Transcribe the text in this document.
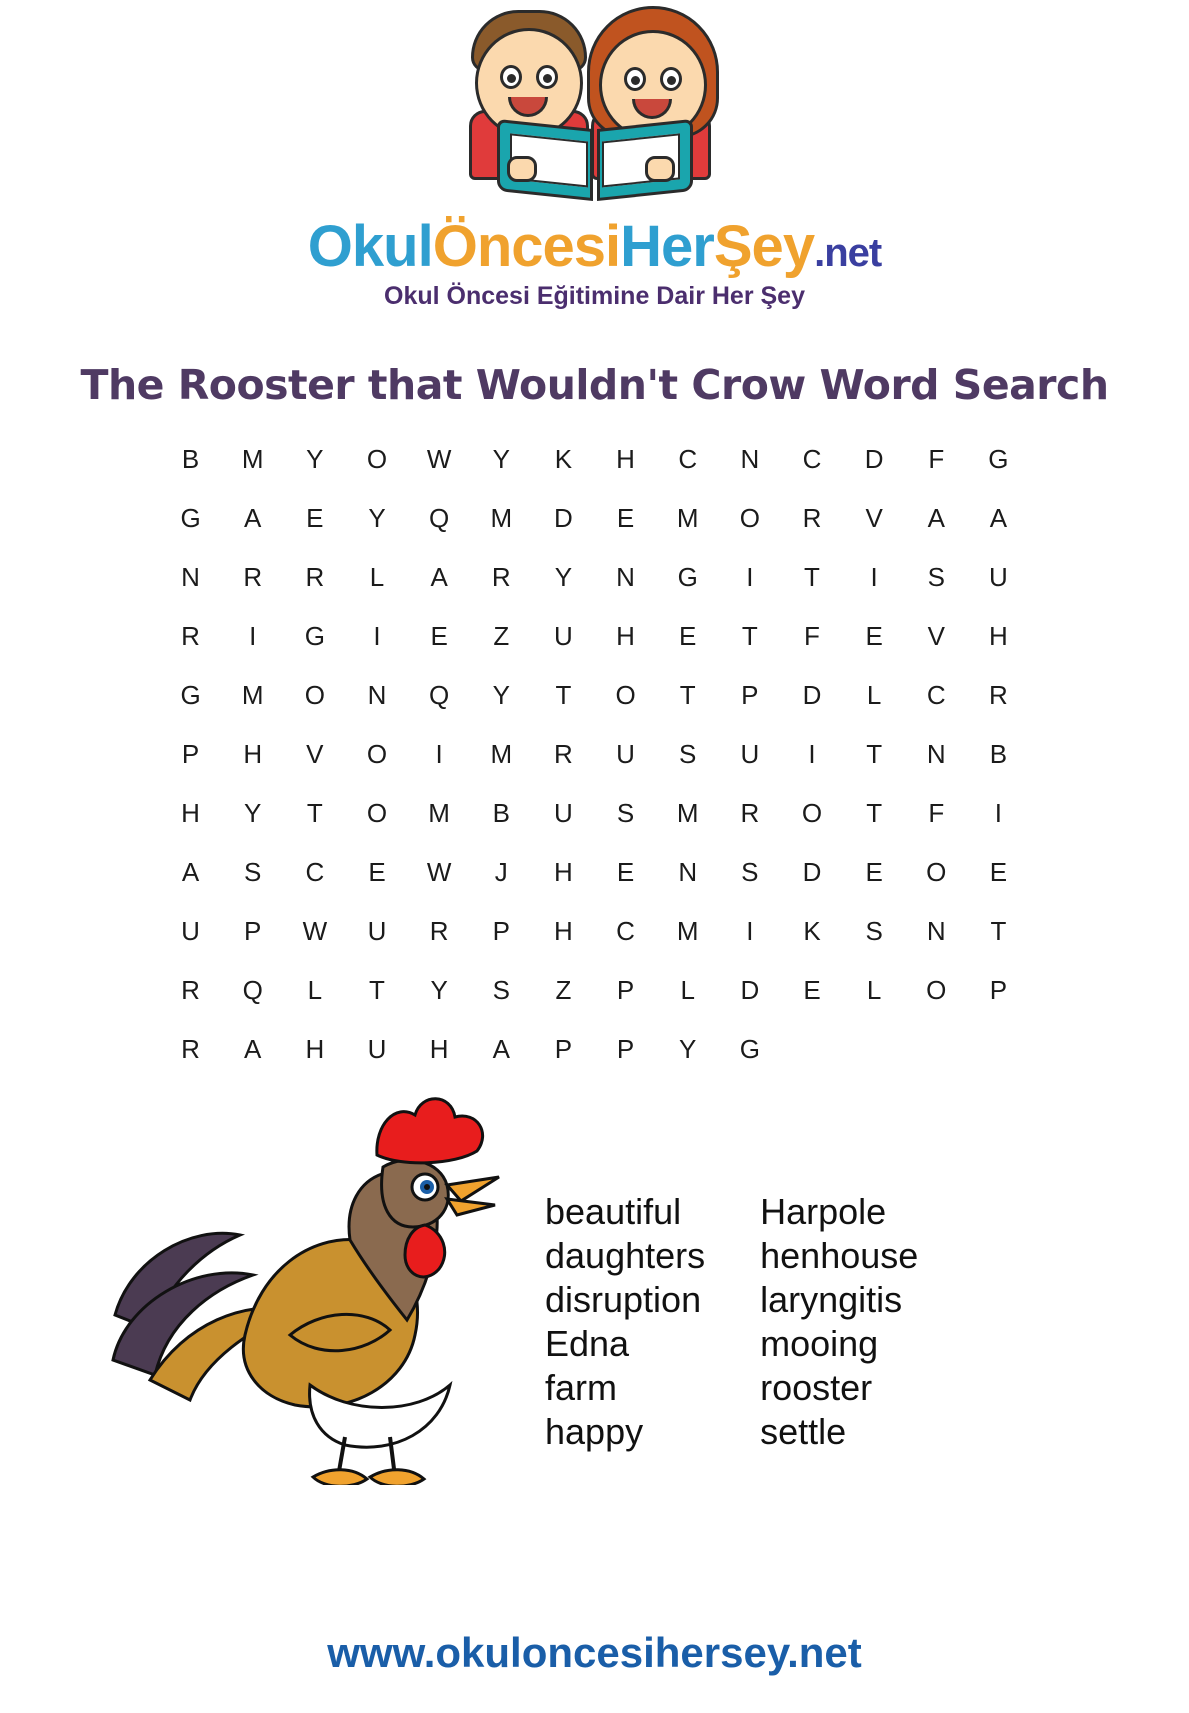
OkulÖncesiHerŞey.net
Okul Öncesi Eğitimine Dair Her Şey
The Rooster that Wouldn't Crow Word Search
B	M	Y	O	W	Y	K	H	C	N	C	D	F	G
G	A	E	Y	Q	M	D	E	M	O	R	V	A	A
N	R	R	L	A	R	Y	N	G	I	T	I	S	U
R	I	G	I	E	Z	U	H	E	T	F	E	V	H
G	M	O	N	Q	Y	T	O	T	P	D	L	C	R
P	H	V	O	I	M	R	U	S	U	I	T	N	B
H	Y	T	O	M	B	U	S	M	R	O	T	F	I
A	S	C	E	W	J	H	E	N	S	D	E	O	E
U	P	W	U	R	P	H	C	M	I	K	S	N	T
R	Q	L	T	Y	S	Z	P	L	D	E	L	O	P
R	A	H	U	H	A	P	P	Y	G
beautiful
daughters
disruption
Edna
farm
happy
Harpole
henhouse
laryngitis
mooing
rooster
settle
www.okuloncesihersey.net
